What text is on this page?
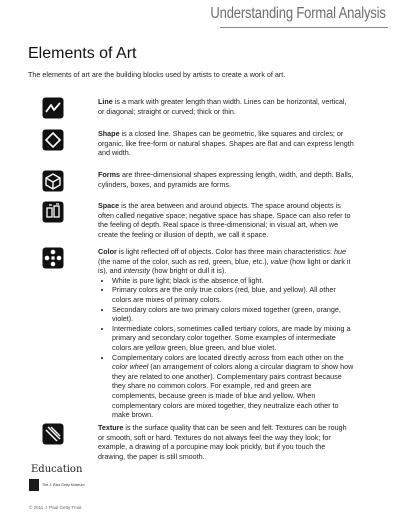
Understanding Formal Analysis
Elements of Art

The elements of art are the building blocks used by artists to create a work of art.

Line is a mark with greater length than width. Lines can be horizontal, vertical, or diagonal; straight or curved; thick or thin.

Shape is a closed line. Shapes can be geometric, like squares and circles; or organic, like free-form or natural shapes. Shapes are flat and can express length and width.

Forms are three-dimensional shapes expressing length, width, and depth. Balls, cylinders, boxes, and pyramids are forms.

Space is the area between and around objects. The space around objects is often called negative space; negative space has shape. Space can also refer to the feeling of depth. Real space is three-dimensional; in visual art, when we create the feeling or illusion of depth, we call it space.

Color is light reflected off of objects. Color has three main characteristics: hue (the name of the color, such as red, green, blue, etc.), value (how light or dark it is), and intensity (how bright or dull it is).

• White is pure light; black is the absence of light.
• Primary colors are the only true colors (red, blue, and yellow). All other colors are mixes of primary colors.
• Secondary colors are two primary colors mixed together (green, orange, violet).
• Intermediate colors, sometimes called tertiary colors, are made by mixing a primary and secondary color together. Some examples of intermediate colors are yellow green, blue green, and blue violet.
• Complementary colors are located directly across from each other on the color wheel (an arrangement of colors along a circular diagram to show how they are related to one another). Complementary pairs contrast because they share no common colors. For example, red and green are complements, because green is made of blue and yellow. When complementary colors are mixed together, they neutralize each other to make brown.

Texture is the surface quality that can be seen and felt. Textures can be rough or smooth, soft or hard. Textures do not always feel the way they look; for example, a drawing of a porcupine may look prickly, but if you touch the drawing, the paper is still smooth.

Education
The J. Paul Getty Museum
© 2011 J. Paul Getty Trust
